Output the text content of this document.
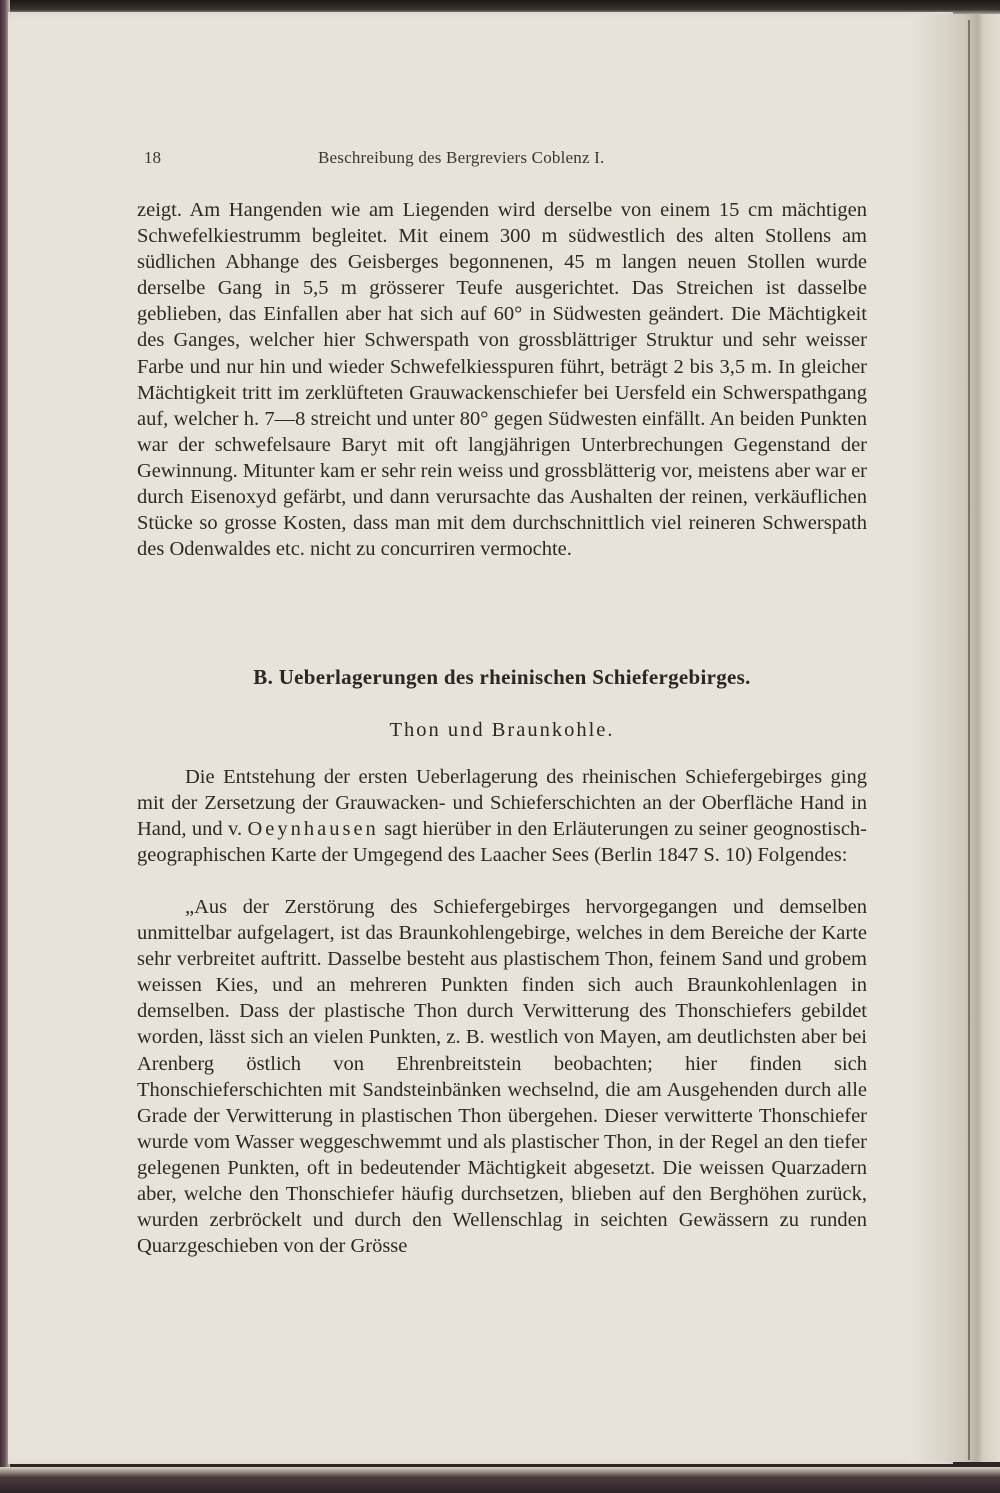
18	Beschreibung des Bergreviers Coblenz I.

zeigt. Am Hangenden wie am Liegenden wird derselbe von einem 15 cm mächtigen Schwefelkiestrumm begleitet. Mit einem 300 m südwestlich des alten Stollens am südlichen Abhange des Geisberges begonnenen, 45 m langen neuen Stollen wurde derselbe Gang in 5,5 m grösserer Teufe ausgerichtet. Das Streichen ist dasselbe geblieben, das Einfallen aber hat sich auf 60° in Südwesten geändert. Die Mächtigkeit des Ganges, welcher hier Schwerspath von grossblättriger Struktur und sehr weisser Farbe und nur hin und wieder Schwefelkiesspuren führt, beträgt 2 bis 3,5 m. In gleicher Mächtigkeit tritt im zerklüfteten Grauwackenschiefer bei Uersfeld ein Schwerspathgang auf, welcher h. 7—8 streicht und unter 80° gegen Südwesten einfällt. An beiden Punkten war der schwefelsaure Baryt mit oft langjährigen Unterbrechungen Gegenstand der Gewinnung. Mitunter kam er sehr rein weiss und grossblätterig vor, meistens aber war er durch Eisenoxyd gefärbt, und dann verursachte das Aushalten der reinen, verkäuflichen Stücke so grosse Kosten, dass man mit dem durchschnittlich viel reineren Schwerspath des Odenwaldes etc. nicht zu concurriren vermochte.

B. Ueberlagerungen des rheinischen Schiefergebirges.
Thon und Braunkohle.

Die Entstehung der ersten Ueberlagerung des rheinischen Schiefergebirges ging mit der Zersetzung der Grauwacken- und Schieferschichten an der Oberfläche Hand in Hand, und v. Oeynhausen sagt hierüber in den Erläuterungen zu seiner geognostisch-geographischen Karte der Umgegend des Laacher Sees (Berlin 1847 S. 10) Folgendes:

„Aus der Zerstörung des Schiefergebirges hervorgegangen und demselben unmittelbar aufgelagert, ist das Braunkohlengebirge, welches in dem Bereiche der Karte sehr verbreitet auftritt. Dasselbe besteht aus plastischem Thon, feinem Sand und grobem weissen Kies, und an mehreren Punkten finden sich auch Braunkohlenlagen in demselben. Dass der plastische Thon durch Verwitterung des Thonschiefers gebildet worden, lässt sich an vielen Punkten, z. B. westlich von Mayen, am deutlichsten aber bei Arenberg östlich von Ehrenbreitstein beobachten; hier finden sich Thonschieferschichten mit Sandsteinbänken wechselnd, die am Ausgehenden durch alle Grade der Verwitterung in plastischen Thon übergehen. Dieser verwitterte Thonschiefer wurde vom Wasser weggeschwemmt und als plastischer Thon, in der Regel an den tiefer gelegenen Punkten, oft in bedeutender Mächtigkeit abgesetzt. Die weissen Quarzadern aber, welche den Thonschiefer häufig durchsetzen, blieben auf den Berghöhen zurück, wurden zerbröckelt und durch den Wellenschlag in seichten Gewässern zu runden Quarzgeschieben von der Grösse
